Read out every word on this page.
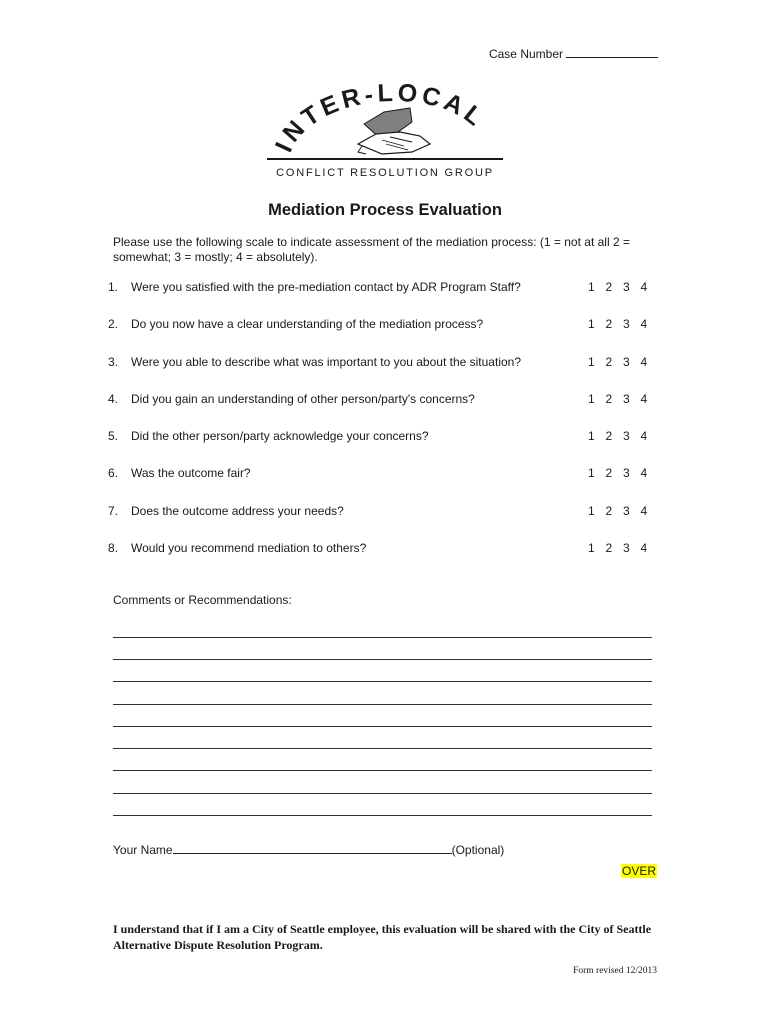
Case Number
INTER-LOCAL
CONFLICT RESOLUTION GROUP
Mediation Process Evaluation
Please use the following scale to indicate assessment of the mediation process: (1 = not at all 2 = somewhat; 3 = mostly; 4 = absolutely).
1.	Were you satisfied with the pre-mediation contact by ADR Program Staff?	1 2 3 4
2.	Do you now have a clear understanding of the mediation process?	1 2 3 4
3.	Were you able to describe what was important to you about the situation?	1 2 3 4
4.	Did you gain an understanding of other person/party's concerns?	1 2 3 4
5.	Did the other person/party acknowledge your concerns?	1 2 3 4
6.	Was the outcome fair?	1 2 3 4
7.	Does the outcome address your needs?	1 2 3 4
8.	Would you recommend mediation to others?	1 2 3 4
Comments or Recommendations:
Your Name	(Optional)
OVER
I understand that if I am a City of Seattle employee, this evaluation will be shared with the City of Seattle Alternative Dispute Resolution Program.
Form revised 12/2013
